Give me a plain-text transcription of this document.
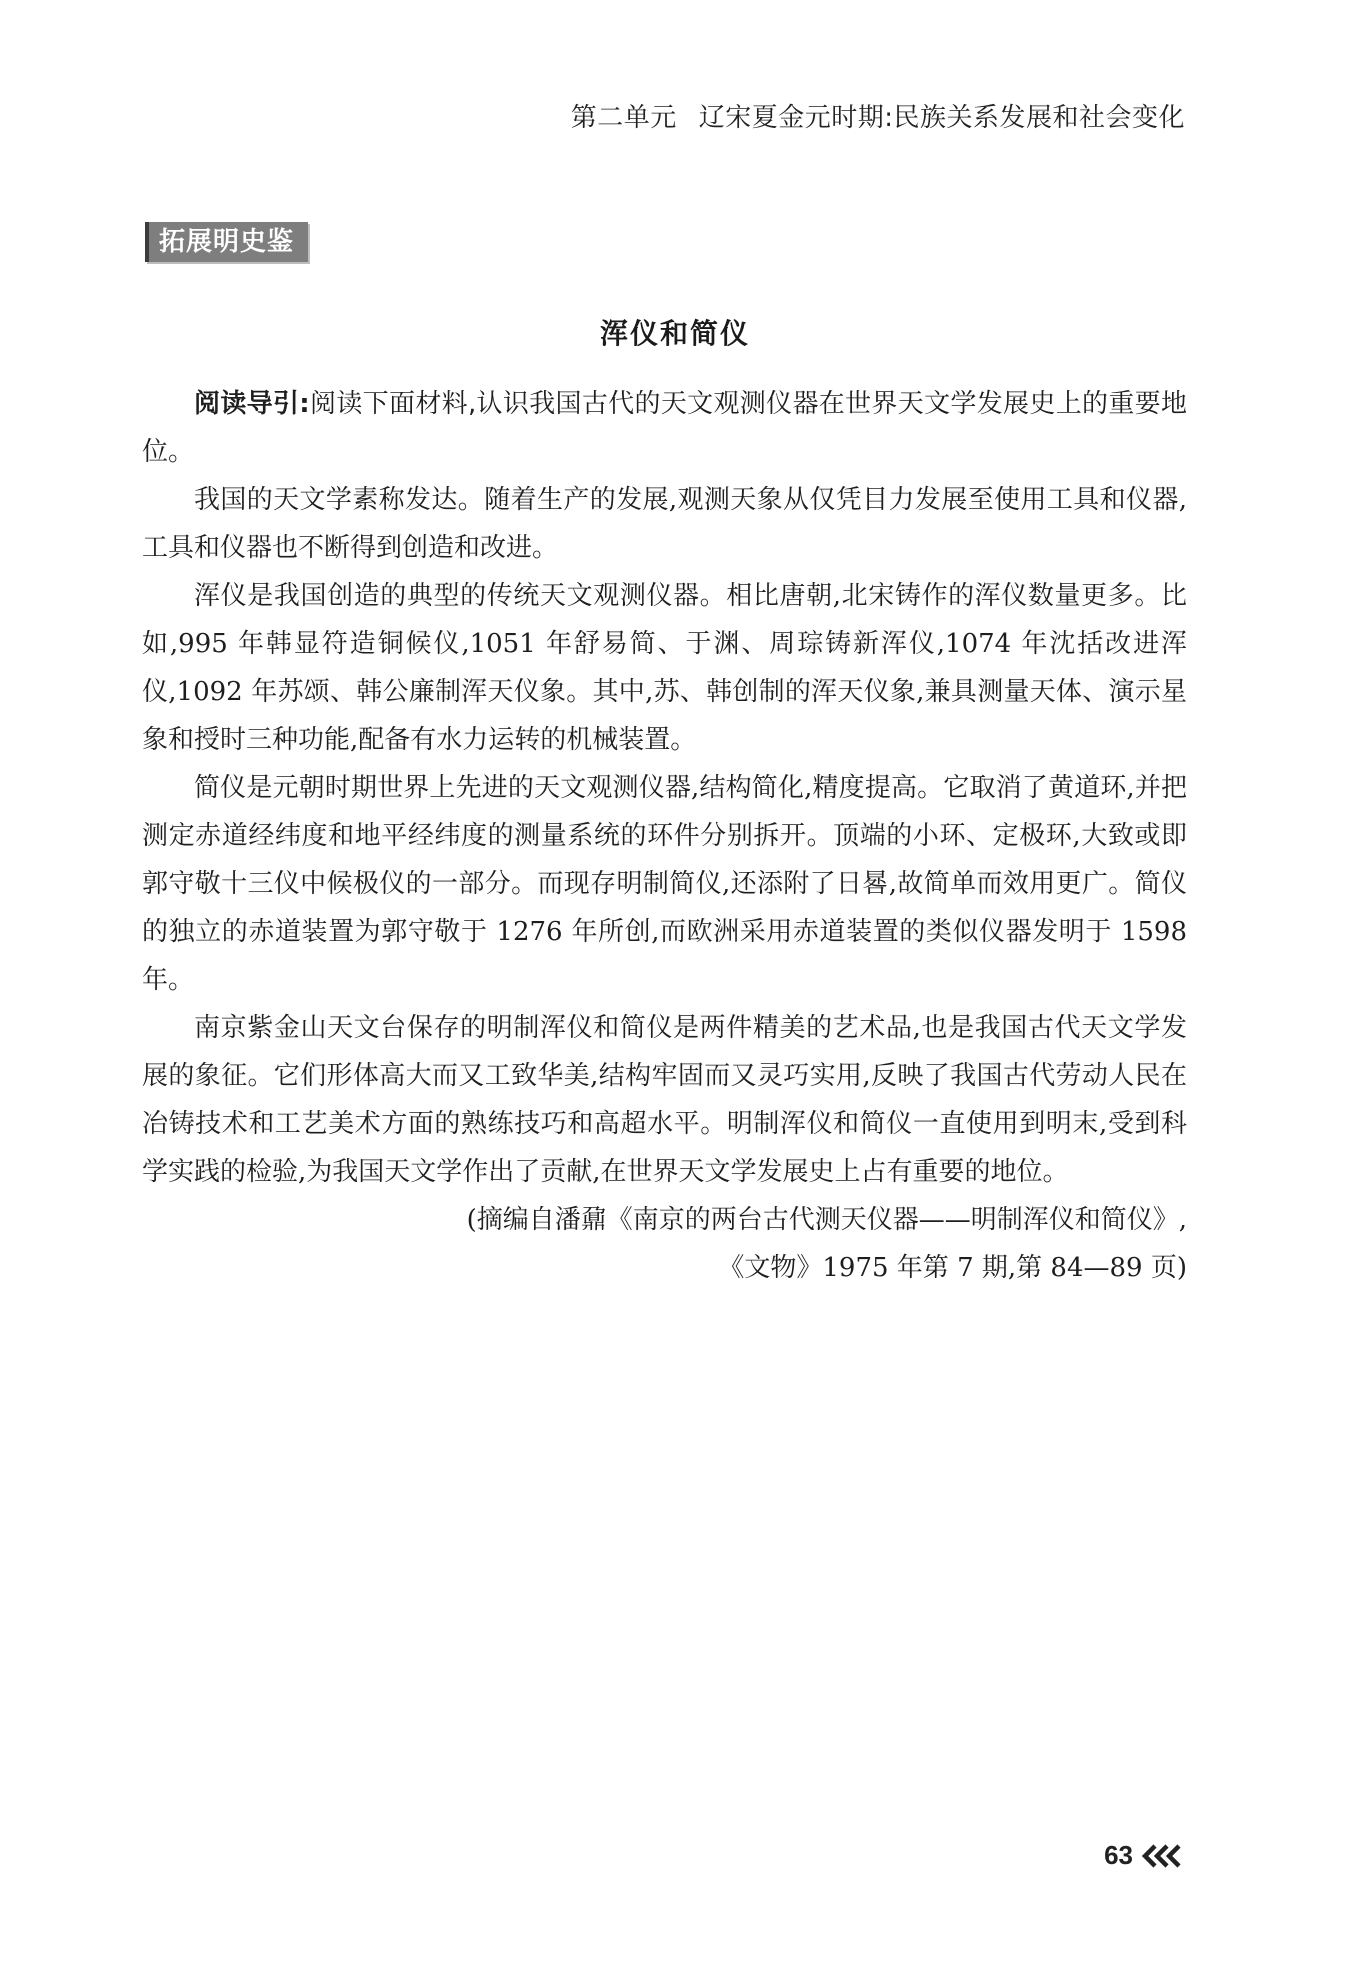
第二单元 辽宋夏金元时期:民族关系发展和社会变化
拓展明史鉴
浑仪和简仪

阅读导引:阅读下面材料,认识我国古代的天文观测仪器在世界天文学发展史上的重要地位。

我国的天文学素称发达。随着生产的发展,观测天象从仅凭目力发展至使用工具和仪器,工具和仪器也不断得到创造和改进。

浑仪是我国创造的典型的传统天文观测仪器。相比唐朝,北宋铸作的浑仪数量更多。比如,995 年韩显符造铜候仪,1051 年舒易简、于渊、周琮铸新浑仪,1074 年沈括改进浑仪,1092 年苏颂、韩公廉制浑天仪象。其中,苏、韩创制的浑天仪象,兼具测量天体、演示星象和授时三种功能,配备有水力运转的机械装置。

简仪是元朝时期世界上先进的天文观测仪器,结构简化,精度提高。它取消了黄道环,并把测定赤道经纬度和地平经纬度的测量系统的环件分别拆开。顶端的小环、定极环,大致或即郭守敬十三仪中候极仪的一部分。而现存明制简仪,还添附了日晷,故简单而效用更广。简仪的独立的赤道装置为郭守敬于 1276 年所创,而欧洲采用赤道装置的类似仪器发明于 1598 年。

南京紫金山天文台保存的明制浑仪和简仪是两件精美的艺术品,也是我国古代天文学发展的象征。它们形体高大而又工致华美,结构牢固而又灵巧实用,反映了我国古代劳动人民在冶铸技术和工艺美术方面的熟练技巧和高超水平。明制浑仪和简仪一直使用到明末,受到科学实践的检验,为我国天文学作出了贡献,在世界天文学发展史上占有重要的地位。

(摘编自潘鼐《南京的两台古代测天仪器——明制浑仪和简仪》,
《文物》1975 年第 7 期,第 84—89 页)

63
